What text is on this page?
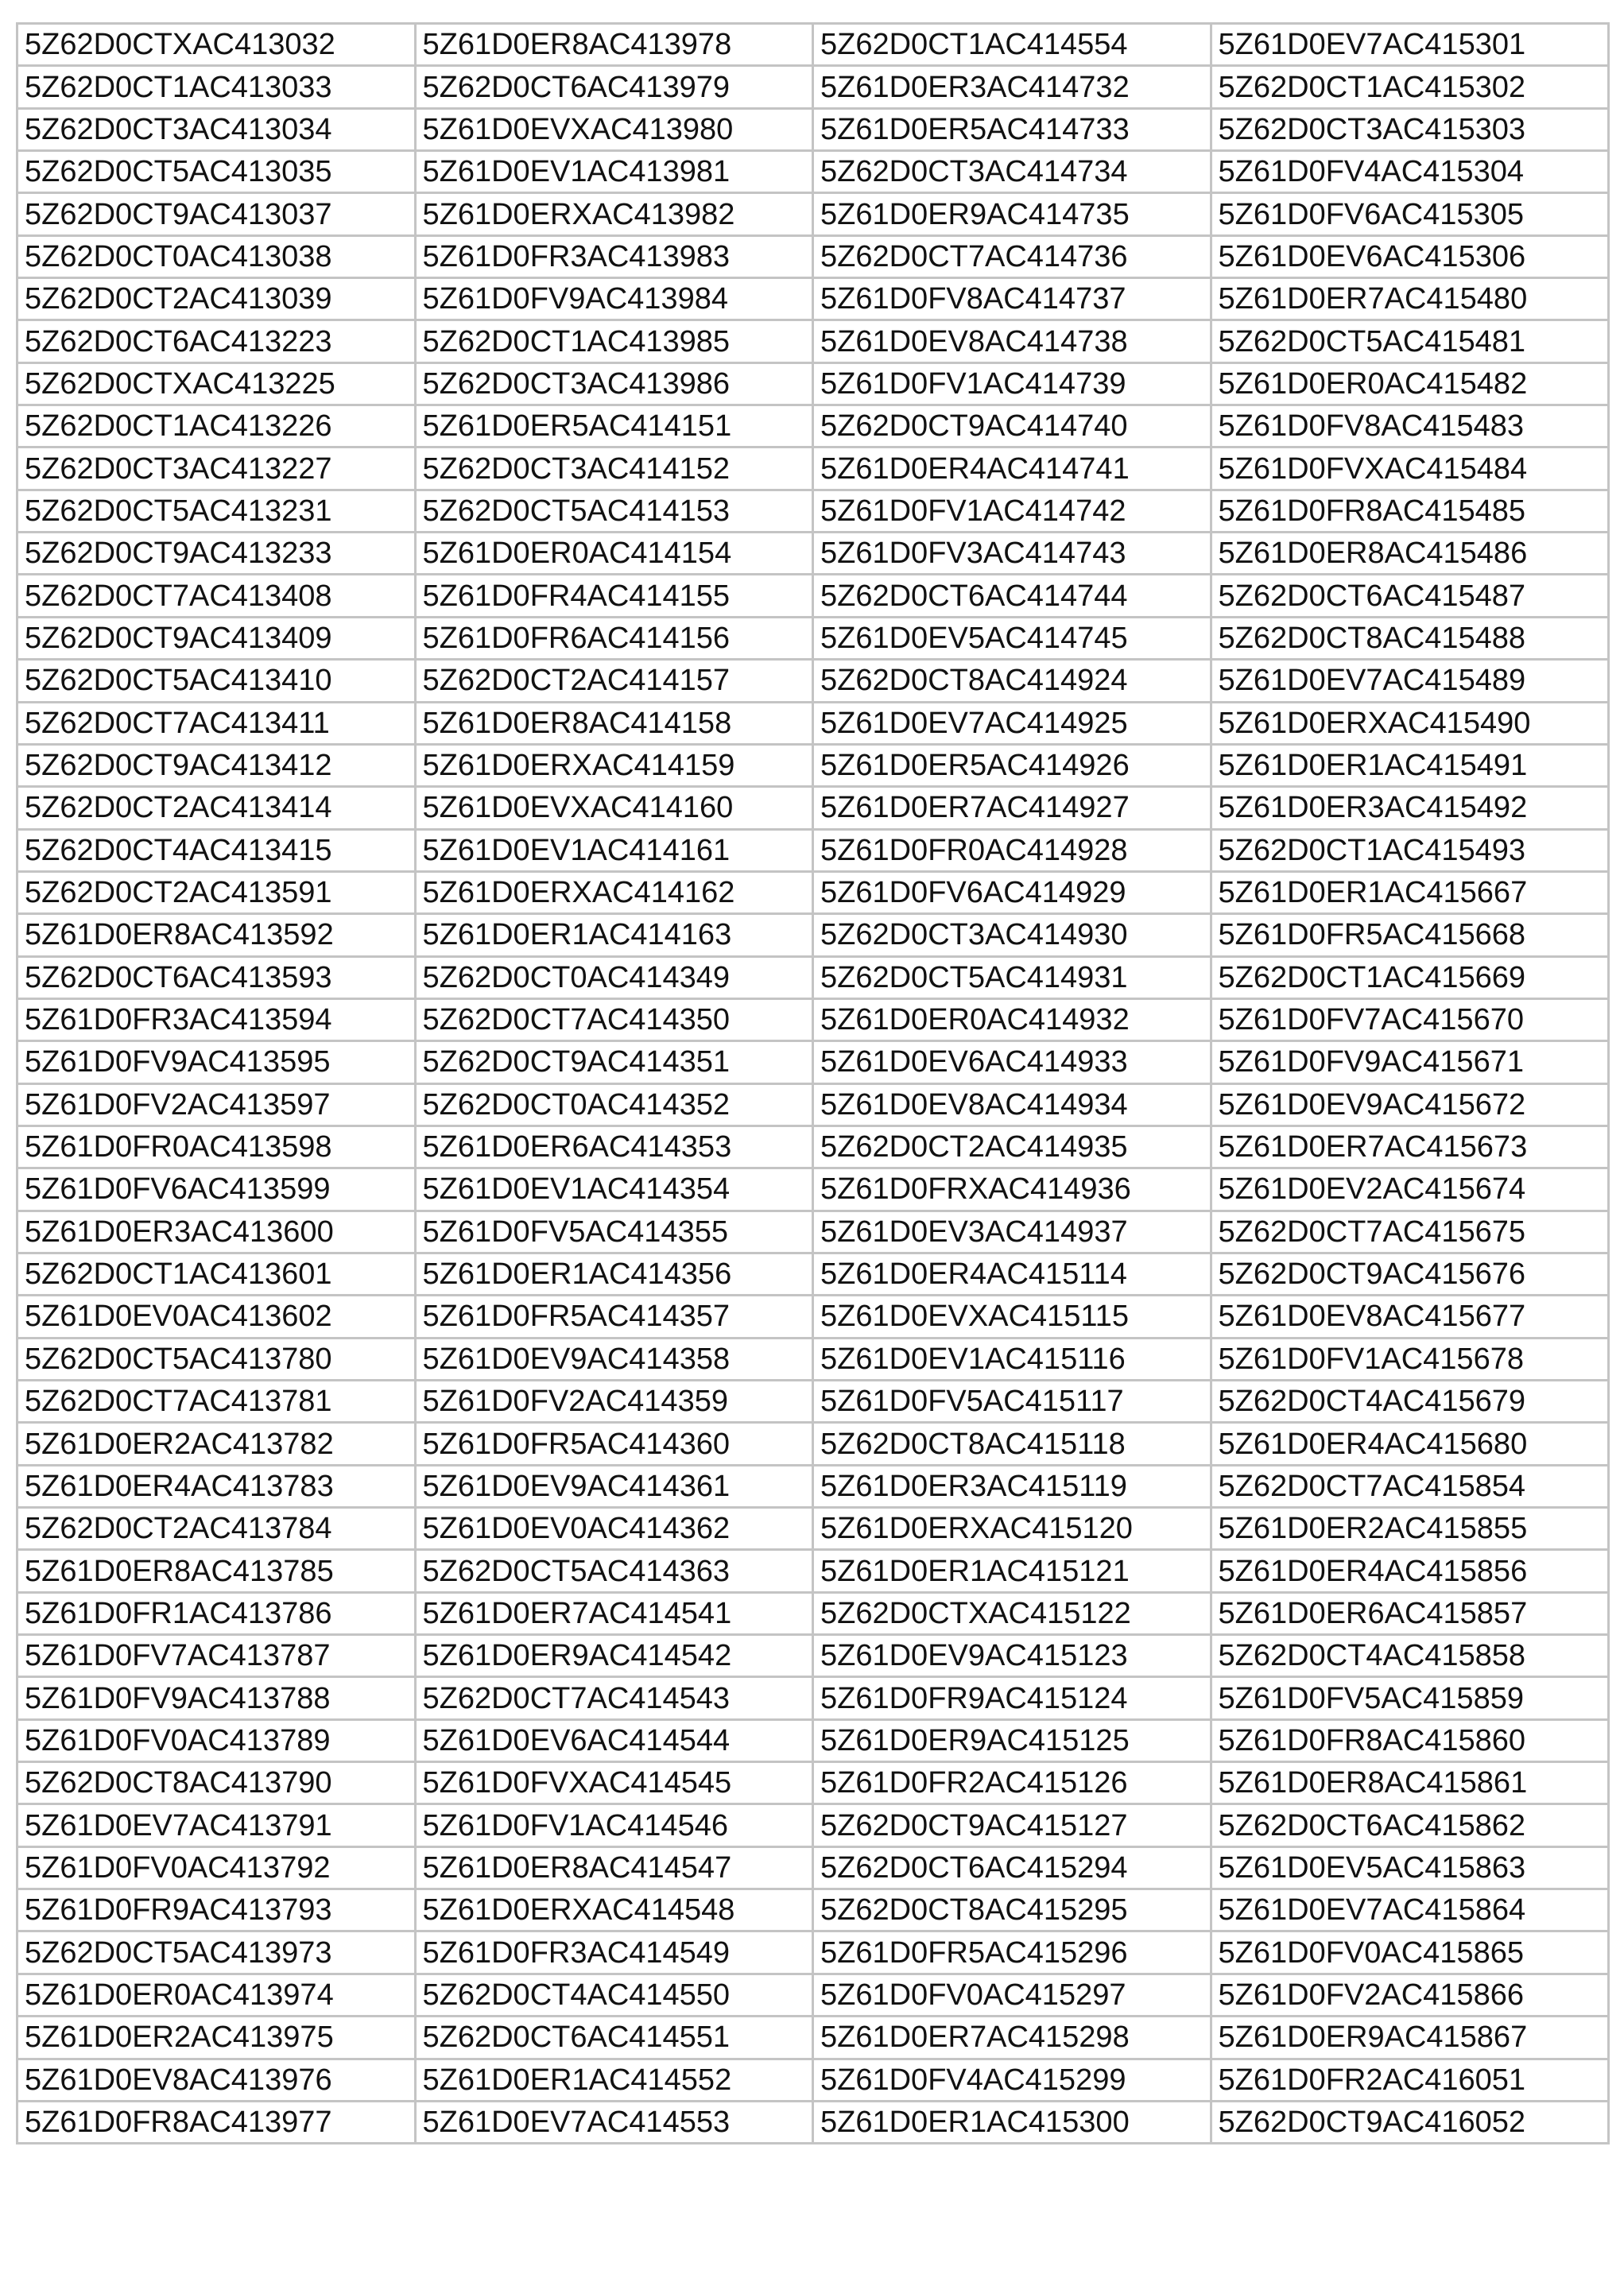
5Z62D0CTXAC413032	5Z61D0ER8AC413978	5Z62D0CT1AC414554	5Z61D0EV7AC415301
5Z62D0CT1AC413033	5Z62D0CT6AC413979	5Z61D0ER3AC414732	5Z62D0CT1AC415302
5Z62D0CT3AC413034	5Z61D0EVXAC413980	5Z61D0ER5AC414733	5Z62D0CT3AC415303
5Z62D0CT5AC413035	5Z61D0EV1AC413981	5Z62D0CT3AC414734	5Z61D0FV4AC415304
5Z62D0CT9AC413037	5Z61D0ERXAC413982	5Z61D0ER9AC414735	5Z61D0FV6AC415305
5Z62D0CT0AC413038	5Z61D0FR3AC413983	5Z62D0CT7AC414736	5Z61D0EV6AC415306
5Z62D0CT2AC413039	5Z61D0FV9AC413984	5Z61D0FV8AC414737	5Z61D0ER7AC415480
5Z62D0CT6AC413223	5Z62D0CT1AC413985	5Z61D0EV8AC414738	5Z62D0CT5AC415481
5Z62D0CTXAC413225	5Z62D0CT3AC413986	5Z61D0FV1AC414739	5Z61D0ER0AC415482
5Z62D0CT1AC413226	5Z61D0ER5AC414151	5Z62D0CT9AC414740	5Z61D0FV8AC415483
5Z62D0CT3AC413227	5Z62D0CT3AC414152	5Z61D0ER4AC414741	5Z61D0FVXAC415484
5Z62D0CT5AC413231	5Z62D0CT5AC414153	5Z61D0FV1AC414742	5Z61D0FR8AC415485
5Z62D0CT9AC413233	5Z61D0ER0AC414154	5Z61D0FV3AC414743	5Z61D0ER8AC415486
5Z62D0CT7AC413408	5Z61D0FR4AC414155	5Z62D0CT6AC414744	5Z62D0CT6AC415487
5Z62D0CT9AC413409	5Z61D0FR6AC414156	5Z61D0EV5AC414745	5Z62D0CT8AC415488
5Z62D0CT5AC413410	5Z62D0CT2AC414157	5Z62D0CT8AC414924	5Z61D0EV7AC415489
5Z62D0CT7AC413411	5Z61D0ER8AC414158	5Z61D0EV7AC414925	5Z61D0ERXAC415490
5Z62D0CT9AC413412	5Z61D0ERXAC414159	5Z61D0ER5AC414926	5Z61D0ER1AC415491
5Z62D0CT2AC413414	5Z61D0EVXAC414160	5Z61D0ER7AC414927	5Z61D0ER3AC415492
5Z62D0CT4AC413415	5Z61D0EV1AC414161	5Z61D0FR0AC414928	5Z62D0CT1AC415493
5Z62D0CT2AC413591	5Z61D0ERXAC414162	5Z61D0FV6AC414929	5Z61D0ER1AC415667
5Z61D0ER8AC413592	5Z61D0ER1AC414163	5Z62D0CT3AC414930	5Z61D0FR5AC415668
5Z62D0CT6AC413593	5Z62D0CT0AC414349	5Z62D0CT5AC414931	5Z62D0CT1AC415669
5Z61D0FR3AC413594	5Z62D0CT7AC414350	5Z61D0ER0AC414932	5Z61D0FV7AC415670
5Z61D0FV9AC413595	5Z62D0CT9AC414351	5Z61D0EV6AC414933	5Z61D0FV9AC415671
5Z61D0FV2AC413597	5Z62D0CT0AC414352	5Z61D0EV8AC414934	5Z61D0EV9AC415672
5Z61D0FR0AC413598	5Z61D0ER6AC414353	5Z62D0CT2AC414935	5Z61D0ER7AC415673
5Z61D0FV6AC413599	5Z61D0EV1AC414354	5Z61D0FRXAC414936	5Z61D0EV2AC415674
5Z61D0ER3AC413600	5Z61D0FV5AC414355	5Z61D0EV3AC414937	5Z62D0CT7AC415675
5Z62D0CT1AC413601	5Z61D0ER1AC414356	5Z61D0ER4AC415114	5Z62D0CT9AC415676
5Z61D0EV0AC413602	5Z61D0FR5AC414357	5Z61D0EVXAC415115	5Z61D0EV8AC415677
5Z62D0CT5AC413780	5Z61D0EV9AC414358	5Z61D0EV1AC415116	5Z61D0FV1AC415678
5Z62D0CT7AC413781	5Z61D0FV2AC414359	5Z61D0FV5AC415117	5Z62D0CT4AC415679
5Z61D0ER2AC413782	5Z61D0FR5AC414360	5Z62D0CT8AC415118	5Z61D0ER4AC415680
5Z61D0ER4AC413783	5Z61D0EV9AC414361	5Z61D0ER3AC415119	5Z62D0CT7AC415854
5Z62D0CT2AC413784	5Z61D0EV0AC414362	5Z61D0ERXAC415120	5Z61D0ER2AC415855
5Z61D0ER8AC413785	5Z62D0CT5AC414363	5Z61D0ER1AC415121	5Z61D0ER4AC415856
5Z61D0FR1AC413786	5Z61D0ER7AC414541	5Z62D0CTXAC415122	5Z61D0ER6AC415857
5Z61D0FV7AC413787	5Z61D0ER9AC414542	5Z61D0EV9AC415123	5Z62D0CT4AC415858
5Z61D0FV9AC413788	5Z62D0CT7AC414543	5Z61D0FR9AC415124	5Z61D0FV5AC415859
5Z61D0FV0AC413789	5Z61D0EV6AC414544	5Z61D0ER9AC415125	5Z61D0FR8AC415860
5Z62D0CT8AC413790	5Z61D0FVXAC414545	5Z61D0FR2AC415126	5Z61D0ER8AC415861
5Z61D0EV7AC413791	5Z61D0FV1AC414546	5Z62D0CT9AC415127	5Z62D0CT6AC415862
5Z61D0FV0AC413792	5Z61D0ER8AC414547	5Z62D0CT6AC415294	5Z61D0EV5AC415863
5Z61D0FR9AC413793	5Z61D0ERXAC414548	5Z62D0CT8AC415295	5Z61D0EV7AC415864
5Z62D0CT5AC413973	5Z61D0FR3AC414549	5Z61D0FR5AC415296	5Z61D0FV0AC415865
5Z61D0ER0AC413974	5Z62D0CT4AC414550	5Z61D0FV0AC415297	5Z61D0FV2AC415866
5Z61D0ER2AC413975	5Z62D0CT6AC414551	5Z61D0ER7AC415298	5Z61D0ER9AC415867
5Z61D0EV8AC413976	5Z61D0ER1AC414552	5Z61D0FV4AC415299	5Z61D0FR2AC416051
5Z61D0FR8AC413977	5Z61D0EV7AC414553	5Z61D0ER1AC415300	5Z62D0CT9AC416052
